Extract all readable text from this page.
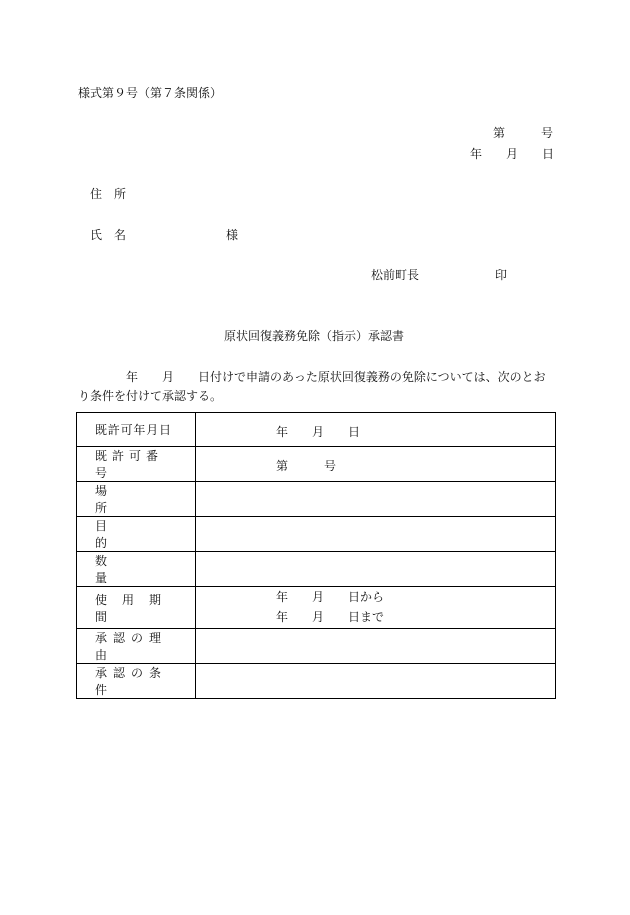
様式第９号（第７条関係）
第　　　号
年　　月　　日
住　所
氏　名	様
松前町長	印
原状回復義務免除（指示）承認書
年　　月　　日付けで申請のあった原状回復義務の免除については、次のとお
り条件を付けて承認する。
既許可年月日	年　　月　　日

既許可番号	第　　　号

場所	

目的	

数量	

使用期間	年　　月　　日から
年　　月　　日まで

承認の理由	

承認の条件	
